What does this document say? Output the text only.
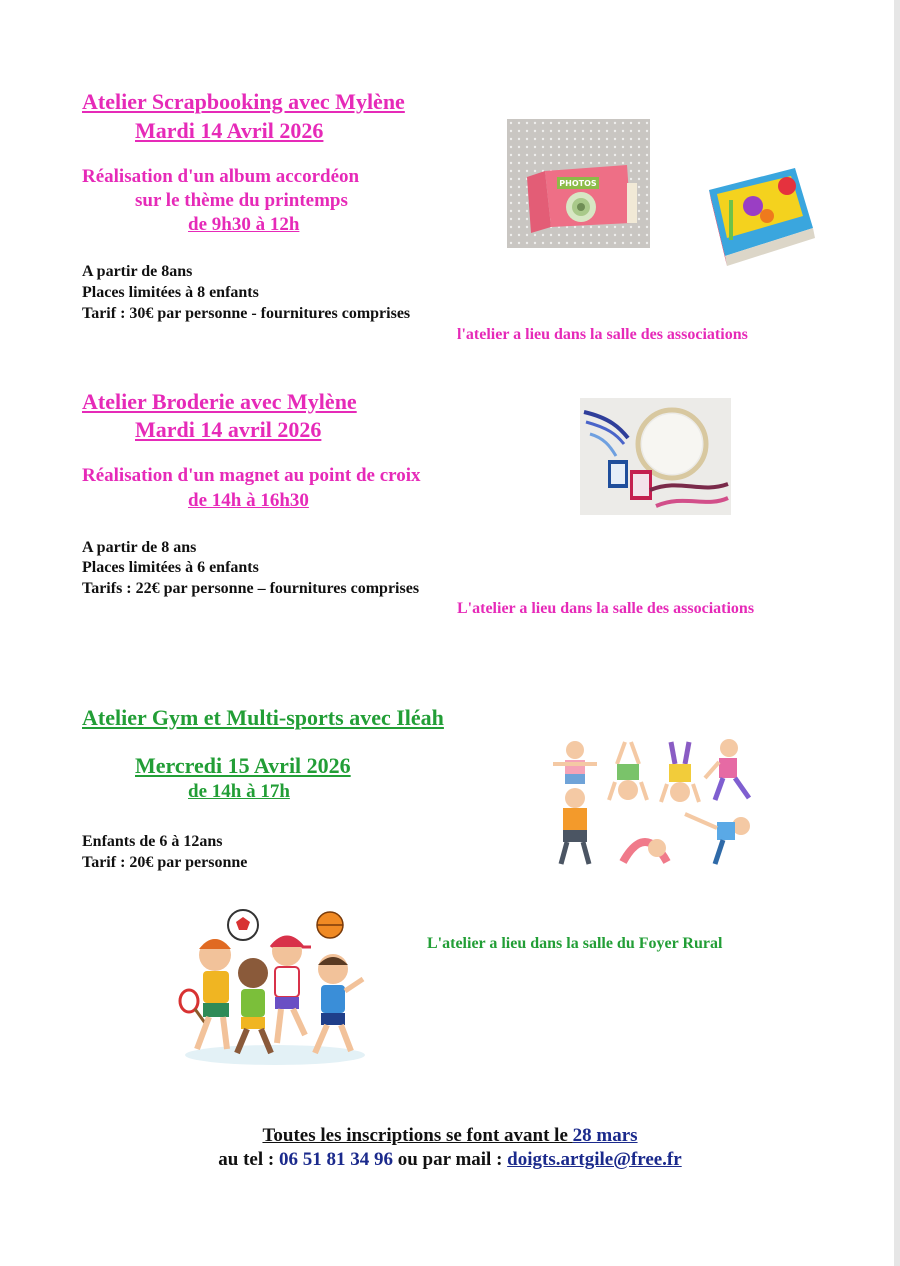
Atelier Scrapbooking avec Mylène
Mardi 14 Avril 2026
Réalisation d'un album accordéon
sur le thème du printemps
de 9h30 à 12h
A partir de 8ans
Places limitées à 8 enfants
Tarif : 30€ par personne - fournitures comprises
l'atelier a lieu dans la salle des associations
PHOTOS
Atelier Broderie avec Mylène
Mardi 14 avril 2026
Réalisation d'un magnet au point de croix
de 14h à 16h30
A partir de 8 ans
Places limitées à 6 enfants
Tarifs : 22€ par personne – fournitures comprises
L'atelier a lieu dans la salle des associations
Atelier Gym et Multi-sports avec Iléah
Mercredi 15 Avril 2026
de 14h à 17h
Enfants de 6 à 12ans
Tarif : 20€ par personne
L'atelier a lieu dans la salle du Foyer Rural
Toutes les inscriptions se font avant le 28 mars
au tel : 06 51 81 34 96 ou par mail : doigts.artgile@free.fr
